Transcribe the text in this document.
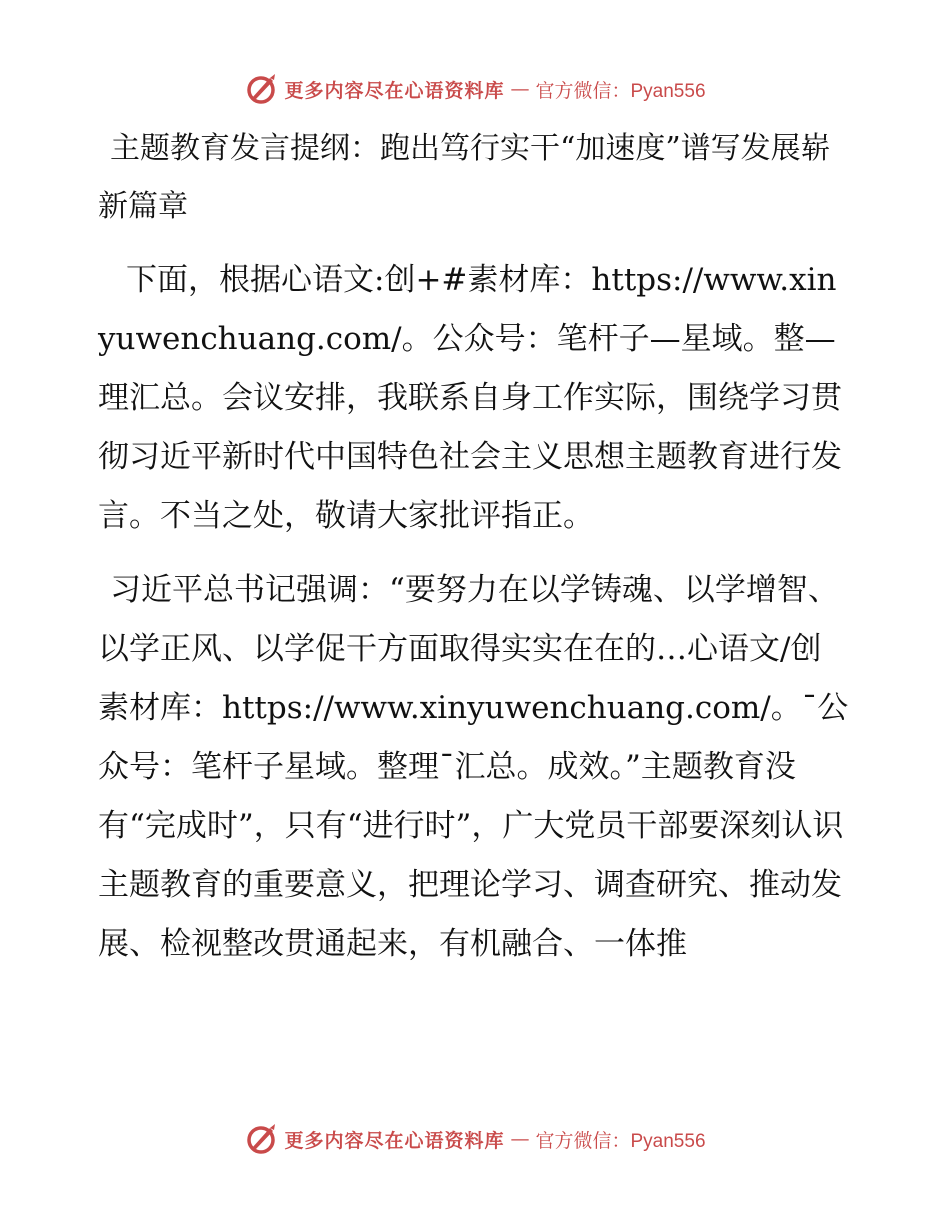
更多内容尽在心语资料库 — 官方微信：Pyan556
主题教育发言提纲：跑出笃行实干“加速度”谱写发展崭新篇章

下面，根据心语文:创+#素材库：https://www.xinyuwenchuang.com/。公众号：笔杆子—星域。整—理汇总。会议安排，我联系自身工作实际，围绕学习贯彻习近平新时代中国特色社会主义思想主题教育进行发言。不当之处，敬请大家批评指正。

习近平总书记强调：“要努力在以学铸魂、以学增智、以学正风、以学促干方面取得实实在在的…心语文/创素材库：https://www.xinyuwenchuang.com/。¯公众号：笔杆子星域。整理¯汇总。成效。”主题教育没有“完成时”，只有“进行时”，广大党员干部要深刻认识主题教育的重要意义，把理论学习、调查研究、推动发展、检视整改贯通起来，有机融合、一体推

更多内容尽在心语资料库 — 官方微信：Pyan556
